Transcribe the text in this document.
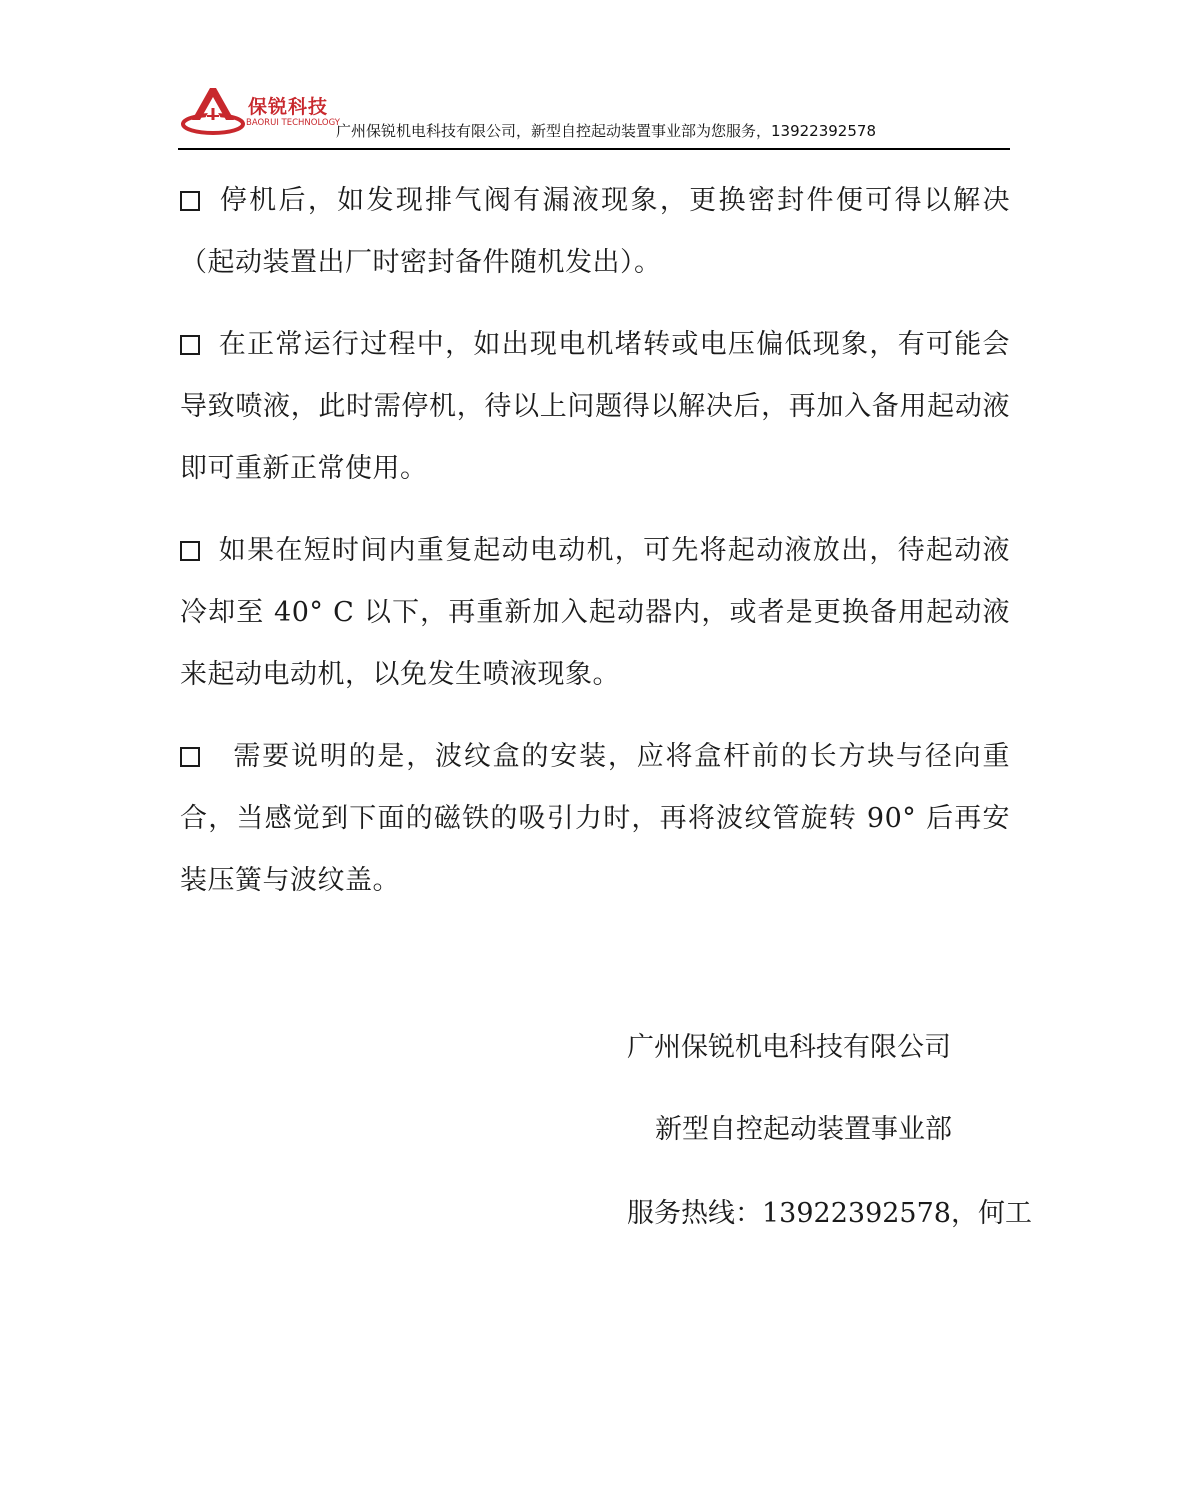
保锐科技
BAORUI TECHNOLOGY
广州保锐机电科技有限公司，新型自控起动装置事业部为您服务，13922392578

停机后，如发现排气阀有漏液现象，更换密封件便可得以解决（起动装置出厂时密封备件随机发出）。

在正常运行过程中，如出现电机堵转或电压偏低现象，有可能会导致喷液，此时需停机，待以上问题得以解决后，再加入备用起动液即可重新正常使用。

如果在短时间内重复起动电动机，可先将起动液放出，待起动液冷却至 40° C 以下，再重新加入起动器内，或者是更换备用起动液来起动电动机，以免发生喷液现象。

需要说明的是，波纹盒的安装，应将盒杆前的长方块与径向重合，当感觉到下面的磁铁的吸引力时，再将波纹管旋转 90° 后再安装压簧与波纹盖。

广州保锐机电科技有限公司
新型自控起动装置事业部
服务热线：13922392578，何工
